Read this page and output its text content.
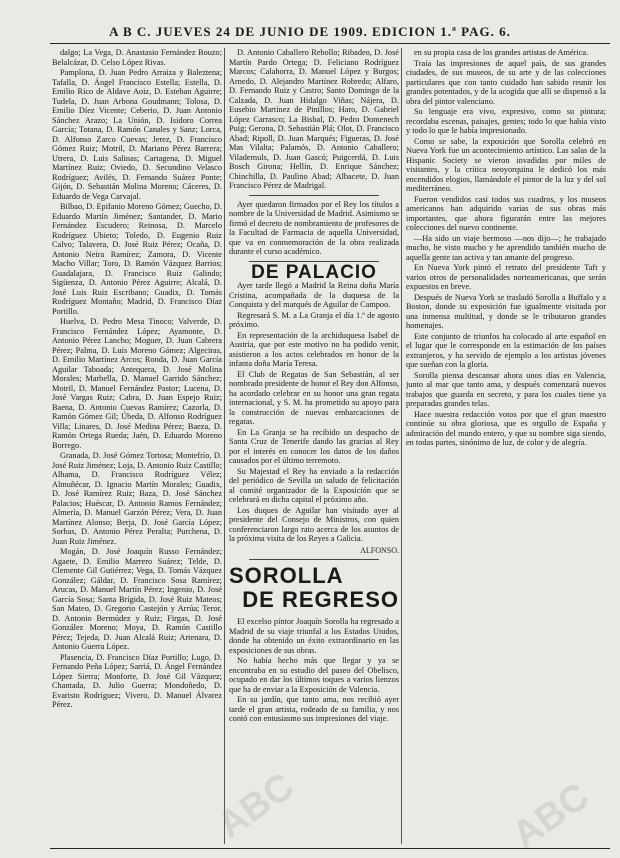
A B C. JUEVES 24 DE JUNIO DE 1909. EDICION 1.ª PAG. 6.

dalgo; La Vega, D. Anastasio Fernández Bouzo; Belalcázar, D. Celso López Rivas.

Pamplona, D. Juan Pedro Arraiza y Baleztena; Tafalla, D. Ángel Francisco Estella; Estella, D. Emilio Rico de Aldave Aoiz, D. Esteban Aguirre; Tudela, D. Juan Arbona Goudmann; Tolosa, D. Emilio Díez Vicente; Ceberio, D. Juan Antonio Sánchez Arazo; La Unión, D. Isidoro Correa García; Totana, D. Ramón Canales y Sanz; Lorca, D. Alfonso Zarco Cuevas; Jerez, D. Francisco Gómez Ruiz; Motril, D. Mariano Pérez Barrera; Utrera, D. Luis Salinas; Cartagena, D. Miguel Martínez Ruiz; Oviedo, D. Secundino Velasco Rodríguez; Avilés, D. Fernando Suárez Ponte; Gijón, D. Sebastián Molina Moreno; Cáceres, D. Eduardo de Vega Carvajal.

Bilbao, D. Epifanio Moreno Gómez; Guecho, D. Eduardo Martín Jiménez; Santander, D. Mario Fernández Escudero; Reinosa, D. Marcelo Rodríguez Ubieto; Toledo, D. Eugenio Ruiz Calvo; Talavera, D. José Ruiz Pérez; Ocaña, D. Antonio Neira Ramírez; Zamora, D. Vicente Macho Villar; Toro, D. Ramón Vázquez Barrios; Guadalajara, D. Francisco Ruiz Galindo; Sigüenza, D. Antonio Pérez Aguirre; Alcalá, D. José Luis Ruiz Escribano; Guadix, D. Tomás Rodríguez Montaño; Madrid, D. Francisco Díaz Portillo.

Huelva, D. Pedro Mesa Tinoco; Valverde, D. Francisco Fernández López; Ayamonte, D. Antonio Pérez Lancho; Moguer, D. Juan Cabrera Pérez; Palma, D. Luis Moreno Gómez; Algeciras, D. Emilio Martínez Arcos; Ronda, D. Juan García Aguilar Taboada; Antequera, D. José Molina Morales; Marbella, D. Manuel Garrido Sánchez; Motril, D. Manuel Fernández Pastor; Lucena, D. José Vargas Ruiz; Cabra, D. Juan Espejo Ruiz; Baena, D. Antonio Cuevas Ramírez; Cazorla, D. Ramón Gómez Gil; Úbeda, D. Alfonso Rodríguez Villa; Linares, D. José Medina Pérez; Baeza, D. Ramón Ortega Rueda; Jaén, D. Eduardo Moreno Borrego.

Granada, D. José Gómez Tortosa; Montefrío, D. José Ruiz Jiménez; Loja, D. Antonio Ruiz Castillo; Alhama, D. Francisco Rodríguez Vélez; Almuñécar, D. Ignacio Martín Morales; Guadix, D. José Ramírez Ruiz; Baza, D. José Sánchez Palacios; Huéscar, D. Antonio Ramos Fernández; Almería, D. Manuel Garzón Pérez; Vera, D. Juan Martínez Alonso; Berja, D. José García López; Sorbas, D. Antonio Pérez Peralta; Purchena, D. Juan Ruiz Jiménez.

Mogán, D. José Joaquín Russo Fernández; Agaete, D. Emilio Marrero Suárez; Telde, D. Clemente Gil Gutiérrez; Vega, D. Tomás Vázquez González; Gáldar, D. Francisco Sosa Ramírez; Arucas, D. Manuel Martín Pérez; Ingenio, D. José García Sosa; Santa Brígida, D. José Ruiz Mateos; San Mateo, D. Gregorio Castejón y Arrúa; Teror, D. Antonio Bermúdez y Ruiz; Firgas, D. José González Moreno; Moya, D. Ramón Castillo Pérez; Tejeda, D. Juan Alcalá Ruiz; Artenara, D. Antonio Guerra López.

Plasencia, D. Francisco Díaz Portillo; Lugo, D. Fernando Peña López; Sarriá, D. Ángel Fernández López Sierra; Monforte, D. José Gil Vázquez; Chantada, D. Julio Guerra; Mondoñedo, D. Evaristo Rodríguez; Vivero, D. Manuel Álvarez Pérez.

D. Antonio Caballero Rebollo; Ribadeo, D. José Martín Pardo Ortega; D. Feliciano Rodríguez Marcos; Calahorra, D. Manuel López y Burgos; Arnedo, D. Alejandro Martínez Robredo; Alfaro, D. Fernando Ruiz y Castro; Santo Domingo de la Calzada, D. Juan Hidalgo Viñas; Nájera, D. Eusebio Martínez de Pinillos; Haro, D. Gabriel López Carrasco; La Bisbal, D. Pedro Domenech Puig; Gerona, D. Sebastián Plá; Olot, D. Francisco Abad; Ripoll, D. Juan Marqués; Figueras, D. José Mas Vilalta; Palamós, D. Antonio Caballero; Vilademuls, D. Juan Gascó; Puigcerdá, D. Luis Bosch Girona; Hellín, D. Enrique Sánchez; Chinchilla, D. Paulino Abad; Albacete, D. Juan Francisco Pérez de Madrigal.

Ayer quedaron firmados por el Rey los títulos a nombre de la Universidad de Madrid. Asimismo se firmó el decreto de nombramiento de profesores de la Facultad de Farmacia de aquella Universidad, que va en conmemoración de la obra realizada durante el curso académico.

DE PALACIO

Ayer tarde llegó a Madrid la Reina doña María Cristina, acompañada de la duquesa de la Conquista y del marqués de Aguilar de Campoo.

Regresará S. M. a La Granja el día 1.º de agosto próximo.

En representación de la archiduquesa Isabel de Austria, que por este motivo no ha podido venir, asistieron a los actos celebrados en honor de la infanta doña María Teresa.

El Club de Regatas de San Sebastián, al ser nombrado presidente de honor el Rey don Alfonso, ha acordado celebrar en su honor una gran regata internacional, y S. M. ha prometido su apoyo para la construcción de nuevas embarcaciones de regatas.

En La Granja se ha recibido un despacho de Santa Cruz de Tenerife dando las gracias al Rey por el interés en conocer los datos de los daños causados por el último terremoto.

Su Majestad el Rey ha enviado a la redacción del periódico de Sevilla un saludo de felicitación al comité organizador de la Exposición que se celebrará en dicha capital el próximo año.

Los duques de Aguilar han visitado ayer al presidente del Consejo de Ministros, con quien conferenciaron largo rato acerca de los asuntos de la próxima visita de los Reyes a Galicia.

ALFONSO.
SOROLLA
DE REGRESO

El excelso pintor Joaquín Sorolla ha regresado a Madrid de su viaje triunfal a los Estados Unidos, donde ha obtenido un éxito extraordinario en las exposiciones de sus obras.

No había hecho más que llegar y ya se encontraba en su estudio del paseo del Obelisco, ocupado en dar los últimos toques a varios lienzos que ha de enviar a la Exposición de Valencia.

En su jardín, que tanto ama, nos recibió ayer tarde el gran artista, rodeado de su familia, y nos contó con entusiasmo sus impresiones del viaje.

en su propia casa de los grandes artistas de América.

Traía las impresiones de aquel país, de sus grandes ciudades, de sus museos, de su arte y de las colecciones particulares que con tanto cuidado han sabido reunir los grandes potentados, y de la acogida que allí se dispensó a la obra del pintor valenciano.

Su lenguaje era vivo, expresivo, como su pintura; recordaba escenas, paisajes, gentes; todo lo que había visto y todo lo que le había impresionado.

Como se sabe, la exposición que Sorolla celebró en Nueva York fue un acontecimiento artístico. Las salas de la Hispanic Society se vieron invadidas por miles de visitantes, y la crítica neoyorquina le dedicó los más encendidos elogios, llamándole el pintor de la luz y del sol mediterráneo.

Fueron vendidos casi todos sus cuadros, y los museos americanos han adquirido varias de sus obras más importantes, que ahora figurarán entre las mejores colecciones del nuevo continente.

—Ha sido un viaje hermoso —nos dijo—; he trabajado mucho, he visto mucho y he aprendido también mucho de aquella gente tan activa y tan amante del progreso.

En Nueva York pintó el retrato del presidente Taft y varios otros de personalidades norteamericanas, que serán expuestos en breve.

Después de Nueva York se trasladó Sorolla a Buffalo y a Boston, donde su exposición fue igualmente visitada por una inmensa multitud, y donde se le tributaron grandes homenajes.

Este conjunto de triunfos ha colocado al arte español en el lugar que le corresponde en la estimación de los países extranjeros, y ha servido de ejemplo a los artistas jóvenes que sueñan con la gloria.

Sorolla piensa descansar ahora unos días en Valencia, junto al mar que tanto ama, y después comenzará nuevos trabajos que guarda en secreto, y para los cuales tiene ya preparadas grandes telas.

Hace nuestra redacción votos por que el gran maestro continúe su obra gloriosa, que es orgullo de España y admiración del mundo entero, y que su nombre siga siendo, en todas partes, sinónimo de luz, de color y de alegría.

ABC	ABC
